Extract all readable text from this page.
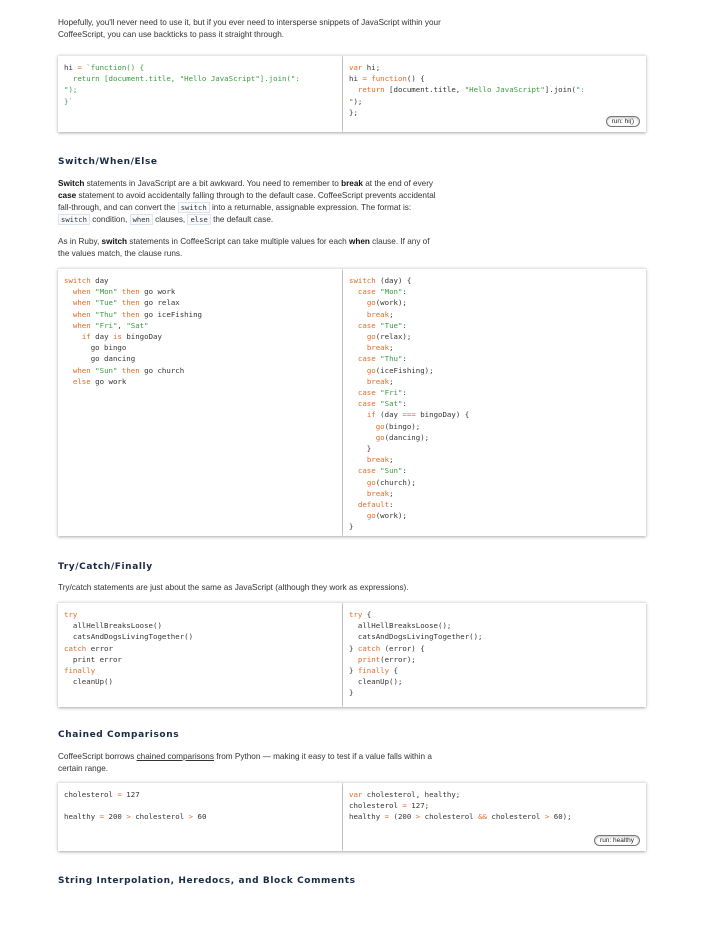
Hopefully, you'll never need to use it, but if you ever need to intersperse snippets of JavaScript within your CoffeeScript, you can use backticks to pass it straight through.

hi = `function() {
return [document.title, "Hello JavaScript"].join(":
");
}`
var hi;
hi = function() {
return [document.title, "Hello JavaScript"].join(":
");
};
run: hi()
Switch/When/Else

Switch statements in JavaScript are a bit awkward. You need to remember to break at the end of every case statement to avoid accidentally falling through to the default case. CoffeeScript prevents accidental fall-through, and can convert the switch into a returnable, assignable expression. The format is: switch condition, when clauses, else the default case.

As in Ruby, switch statements in CoffeeScript can take multiple values for each when clause. If any of the values match, the clause runs.

switch day
when "Mon" then go work
when "Tue" then go relax
when "Thu" then go iceFishing
when "Fri", "Sat"
if day is bingoDay
go bingo
go dancing
when "Sun" then go church
else go work
switch (day) {
case "Mon":
go(work);
break;
case "Tue":
go(relax);
break;
case "Thu":
go(iceFishing);
break;
case "Fri":
case "Sat":
if (day === bingoDay) {
go(bingo);
go(dancing);
}
break;
case "Sun":
go(church);
break;
default:
go(work);
}
Try/Catch/Finally

Try/catch statements are just about the same as JavaScript (although they work as expressions).

try
allHellBreaksLoose()
catsAndDogsLivingTogether()
catch error
print error
finally
cleanUp()
try {
allHellBreaksLoose();
catsAndDogsLivingTogether();
} catch (error) {
print(error);
} finally {
cleanUp();
}
Chained Comparisons

CoffeeScript borrows chained comparisons from Python — making it easy to test if a value falls within a certain range.

cholesterol = 127

healthy = 200 > cholesterol > 60
var cholesterol, healthy;
cholesterol = 127;
healthy = (200 > cholesterol && cholesterol > 60);
run: healthy
String Interpolation, Heredocs, and Block Comments
